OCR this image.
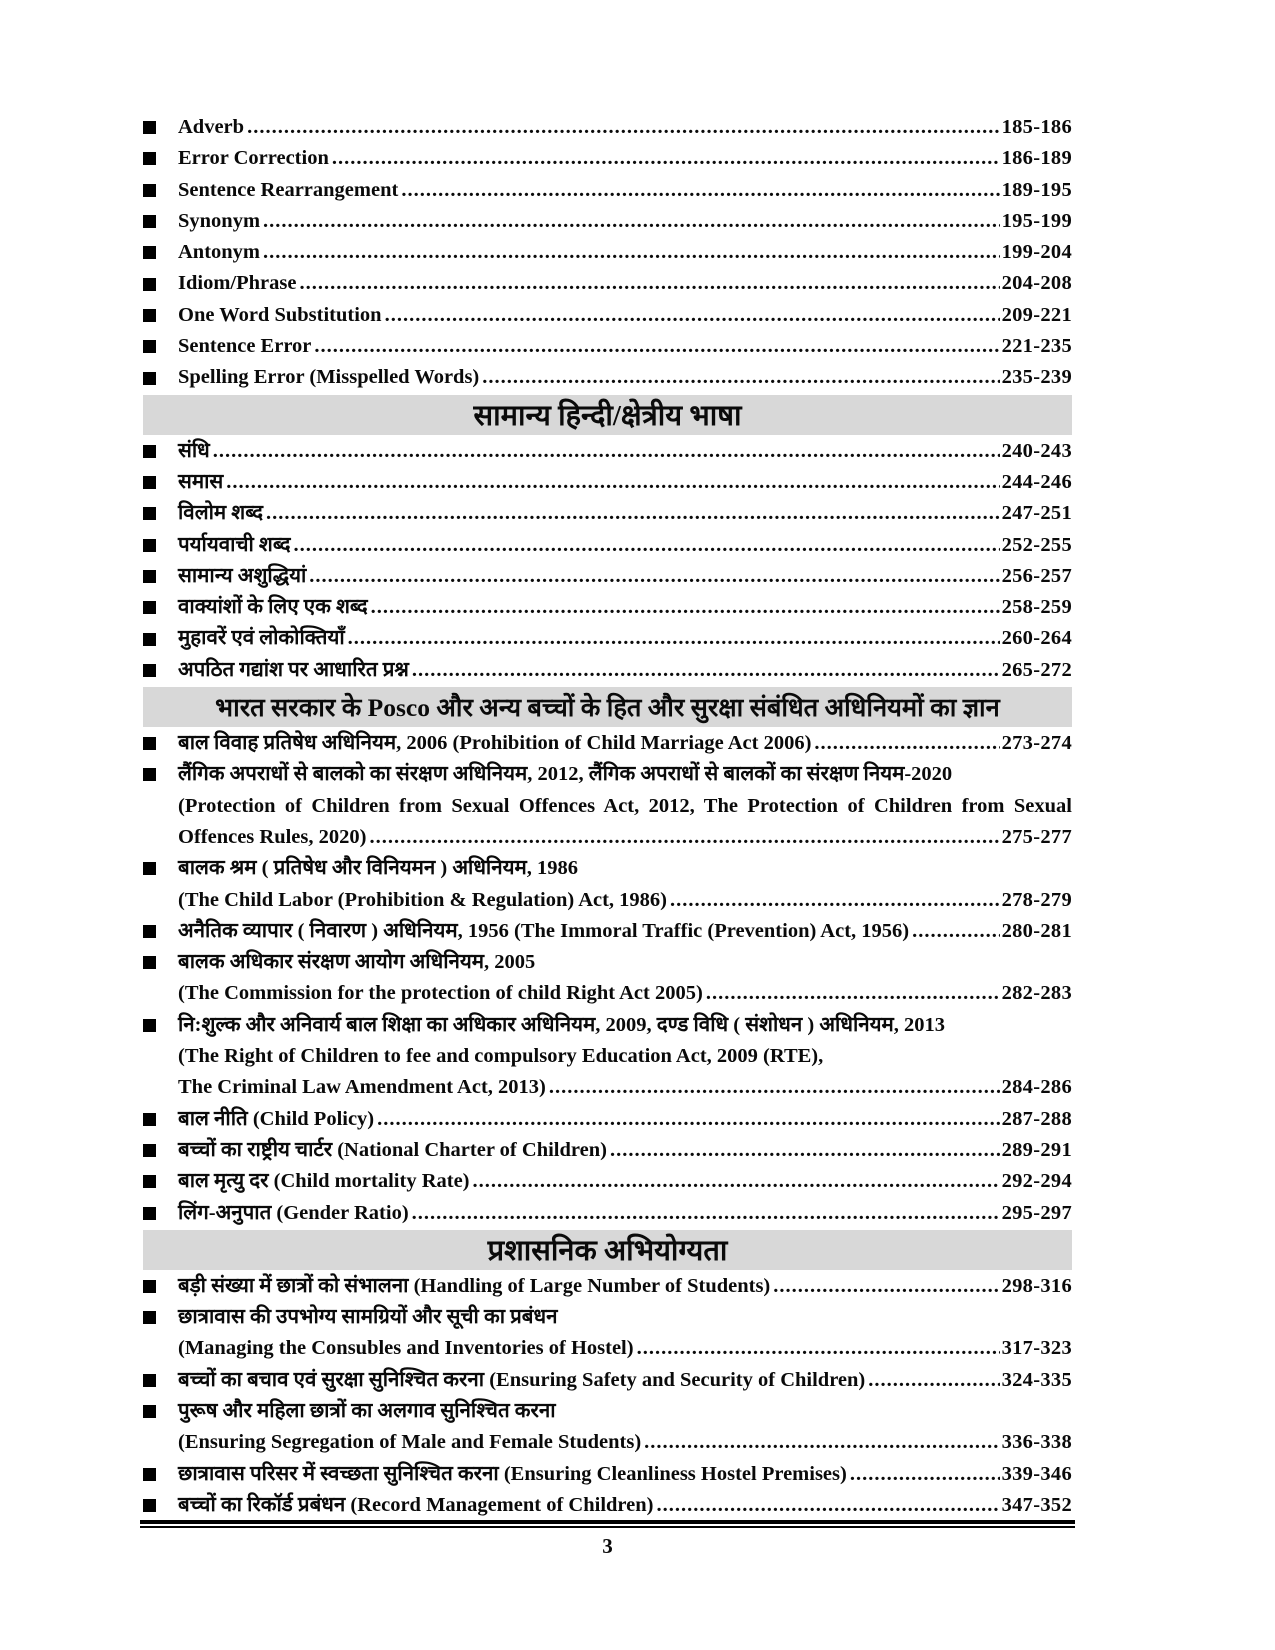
Adverb .....	185-186
Error Correction .....	186-189
Sentence Rearrangement .....	189-195
Synonym .....	195-199
Antonym .....	199-204
Idiom/Phrase .....	204-208
One Word Substitution .....	209-221
Sentence Error .....	221-235
Spelling Error (Misspelled Words) .....	235-239
सामान्य हिन्दी/क्षेत्रीय भाषा
संधि .....	240-243
समास .....	244-246
विलोम शब्द .....	247-251
पर्यायवाची शब्द .....	252-255
सामान्य अशुद्धियां .....	256-257
वाक्यांशों के लिए एक शब्द .....	258-259
मुहावरें एवं लोकोक्तियाँ .....	260-264
अपठित गद्यांश पर आधारित प्रश्न .....	265-272
भारत सरकार के Posco और अन्य बच्चों के हित और सुरक्षा संबंधित अधिनियमों का ज्ञान
बाल विवाह प्रतिषेध अधिनियम, 2006 (Prohibition of Child Marriage Act 2006) .....	273-274
लैंगिक अपराधों से बालको का संरक्षण अधिनियम, 2012, लैंगिक अपराधों से बालकों का संरक्षण नियम-2020
(Protection of Children from Sexual Offences Act, 2012, The Protection of Children from Sexual
Offences Rules, 2020) .....	275-277
बालक श्रम ( प्रतिषेध और विनियमन ) अधिनियम, 1986
(The Child Labor (Prohibition & Regulation) Act, 1986) .....	278-279
अनैतिक व्यापार ( निवारण ) अधिनियम, 1956 (The Immoral Traffic (Prevention) Act, 1956) .....	280-281
बालक अधिकार संरक्षण आयोग अधिनियम, 2005
(The Commission for the protection of child Right Act 2005) .....	282-283
नि:शुल्क और अनिवार्य बाल शिक्षा का अधिकार अधिनियम, 2009, दण्ड विधि ( संशोधन ) अधिनियम, 2013
(The Right of Children to fee and compulsory Education Act, 2009 (RTE),
The Criminal Law Amendment Act, 2013) .....	284-286
बाल नीति (Child Policy) .....	287-288
बच्चों का राष्ट्रीय चार्टर (National Charter of Children) .....	289-291
बाल मृत्यु दर (Child mortality Rate) .....	292-294
लिंग-अनुपात (Gender Ratio) .....	295-297
प्रशासनिक अभियोग्यता
बड़ी संख्या में छात्रों को संभालना (Handling of Large Number of Students) .....	298-316
छात्रावास की उपभोग्य सामग्रियों और सूची का प्रबंधन
(Managing the Consubles and Inventories of Hostel) .....	317-323
बच्चों का बचाव एवं सुरक्षा सुनिश्चित करना (Ensuring Safety and Security of Children) .....	324-335
पुरूष और महिला छात्रों का अलगाव सुनिश्चित करना
(Ensuring Segregation of Male and Female Students) .....	336-338
छात्रावास परिसर में स्वच्छता सुनिश्चित करना (Ensuring Cleanliness Hostel Premises) .....	339-346
बच्चों का रिकॉर्ड प्रबंधन (Record Management of Children) .....	347-352
3
